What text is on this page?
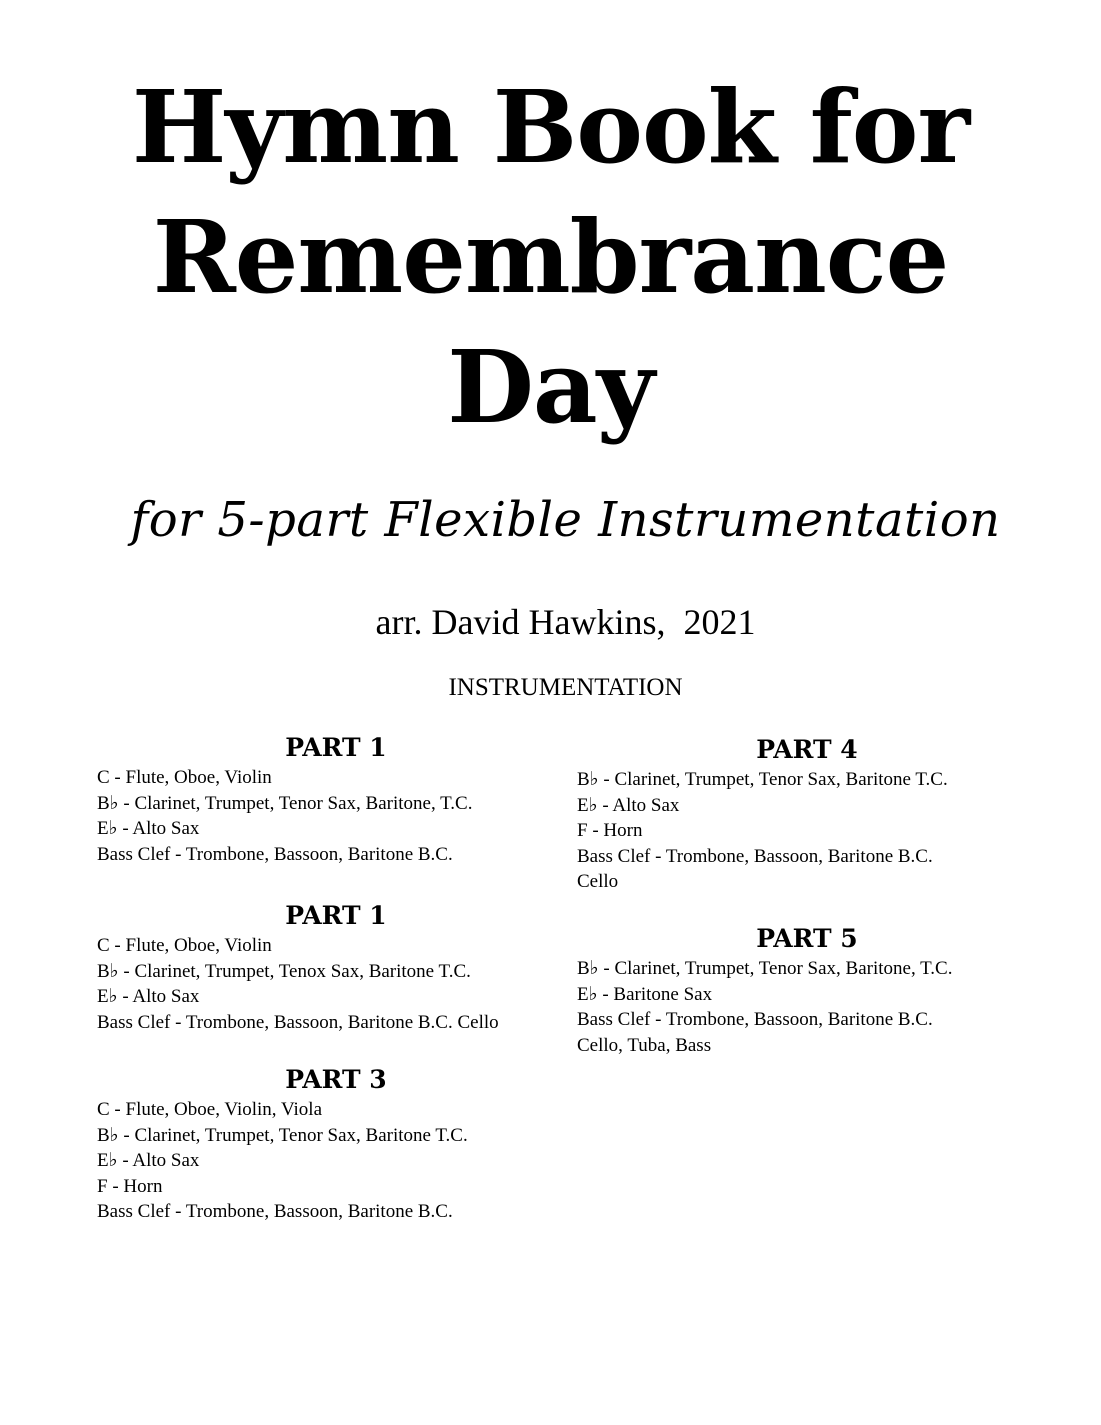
Hymn Book for
Remembrance
Day
for 5-part Flexible Instrumentation
arr. David Hawkins,  2021
INSTRUMENTATION
PART 1
C - Flute, Oboe, Violin
B♭ - Clarinet, Trumpet, Tenor Sax, Baritone, T.C.
E♭ - Alto Sax
Bass Clef - Trombone, Bassoon, Baritone B.C.
PART 1
C - Flute, Oboe, Violin
B♭ - Clarinet, Trumpet, Tenox Sax, Baritone T.C.
E♭ - Alto Sax
Bass Clef - Trombone, Bassoon, Baritone B.C. Cello
PART 3
C - Flute, Oboe, Violin, Viola
B♭ - Clarinet, Trumpet, Tenor Sax, Baritone T.C.
E♭ - Alto Sax
F - Horn
Bass Clef - Trombone, Bassoon, Baritone B.C.
PART 4
B♭ - Clarinet, Trumpet, Tenor Sax, Baritone T.C.
E♭ - Alto Sax
F - Horn
Bass Clef - Trombone, Bassoon, Baritone B.C.
Cello
PART 5
B♭ - Clarinet, Trumpet, Tenor Sax, Baritone, T.C.
E♭ - Baritone Sax
Bass Clef - Trombone, Bassoon, Baritone B.C.
Cello, Tuba, Bass
